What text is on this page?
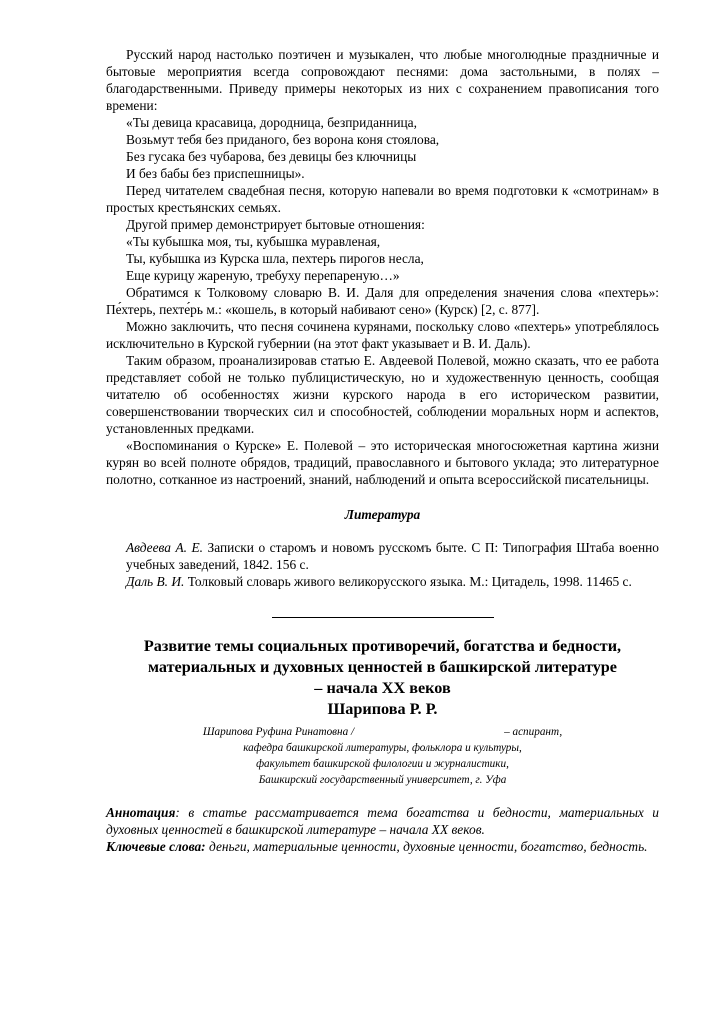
Русский народ настолько поэтичен и музыкален, что любые многолюдные праздничные и бытовые мероприятия всегда сопровождают песнями: дома застольными, в полях – благодарственными. Приведу примеры некоторых из них с сохранением правописания того времени:

«Ты девица красавица, дородница, безприданница,

Возьмут тебя без приданого, без ворона коня стоялова,

Без гусака без чубарова, без девицы без ключницы

И без бабы без приспешницы».

Перед читателем свадебная песня, которую напевали во время подготовки к «смотринам» в простых крестьянских семьях.

Другой пример демонстрирует бытовые отношения:

«Ты кубышка моя, ты, кубышка муравленая,

Ты, кубышка из Курска шла, пехтерь пирогов несла,

Еще курицу жареную, требуху перепареную…»

Обратимся к Толковому словарю В. И. Даля для определения значения слова «пехтерь»: Пе́хтерь, пехте́рь м.: «кошель, в который набивают сено» (Курск) [2, с. 877].

Можно заключить, что песня сочинена курянами, поскольку слово «пехтерь» употреблялось исключительно в Курской губернии (на этот факт указывает и В. И. Даль).

Таким образом, проанализировав статью Е. Авдеевой Полевой, можно сказать, что ее работа представляет собой не только публицистическую, но и художественную ценность, сообщая читателю об особенностях жизни курского народа в его историческом развитии, совершенствовании творческих сил и способностей, соблюдении моральных норм и аспектов, установленных предками.

«Воспоминания о Курске» Е. Полевой – это историческая многосюжетная картина жизни курян во всей полноте обрядов, традиций, православного и бытового уклада; это литературное полотно, сотканное из настроений, знаний, наблюдений и опыта всероссийской писательницы.

Литература

Авдеева А. Е. Записки о старомъ и новомъ русскомъ быте. С П: Типография Штаба военно учебных заведений, 1842. 156 с.

Даль В. И. Толковый словарь живого великорусского языка. М.: Цитадель, 1998. 11465 с.

Развитие темы социальных противоречий, богатства и бедности,
материальных и духовных ценностей в башкирской литературе
– начала XX веков
Шарипова Р. Р.
Шарипова Руфина Ринатовна /	– аспирант,
кафедра башкирской литературы, фольклора и культуры,
факультет башкирской филологии и журналистики,
Башкирский государственный университет, г. Уфа

Аннотация: в статье рассматривается тема богатства и бедности, материальных и духовных ценностей в башкирской литературе – начала XX веков.

Ключевые слова: деньги, материальные ценности, духовные ценности, богатство, бедность.
